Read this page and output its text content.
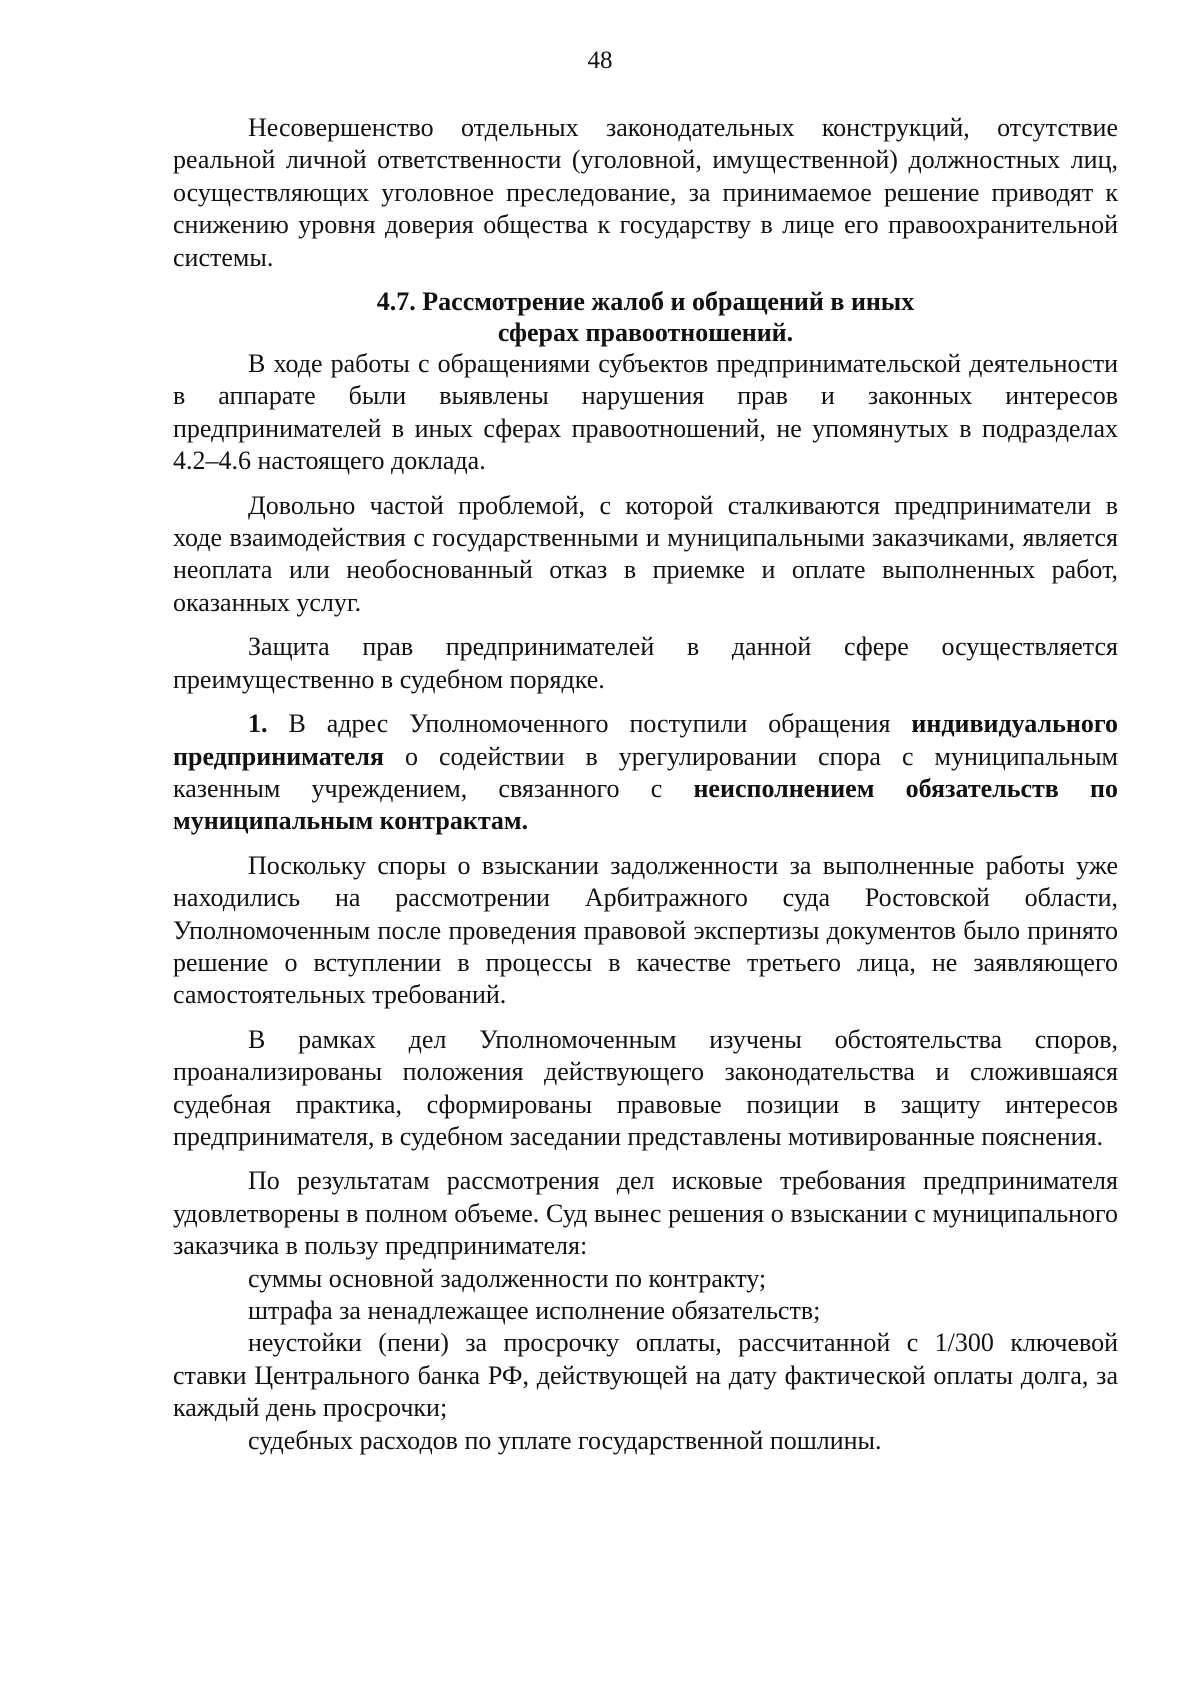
48

Несовершенство отдельных законодательных конструкций, отсутствие реальной личной ответственности (уголовной, имущественной) должностных лиц, осуществляющих уголовное преследование, за принимаемое решение приводят к снижению уровня доверия общества к государству в лице его правоохранительной системы.

4.7. Рассмотрение жалоб и обращений в иных
сферах правоотношений.

В ходе работы с обращениями субъектов предпринимательской деятельности в аппарате были выявлены нарушения прав и законных интересов предпринимателей в иных сферах правоотношений, не упомянутых в подразделах 4.2–4.6 настоящего доклада.

Довольно частой проблемой, с которой сталкиваются предприниматели в ходе взаимодействия с государственными и муниципальными заказчиками, является неоплата или необоснованный отказ в приемке и оплате выполненных работ, оказанных услуг.

Защита прав предпринимателей в данной сфере осуществляется преимущественно в судебном порядке.

1. В адрес Уполномоченного поступили обращения индивидуального предпринимателя о содействии в урегулировании спора с муниципальным казенным учреждением, связанного с неисполнением обязательств по муниципальным контрактам.

Поскольку споры о взыскании задолженности за выполненные работы уже находились на рассмотрении Арбитражного суда Ростовской области, Уполномоченным после проведения правовой экспертизы документов было принято решение о вступлении в процессы в качестве третьего лица, не заявляющего самостоятельных требований.

В рамках дел Уполномоченным изучены обстоятельства споров, проанализированы положения действующего законодательства и сложившаяся судебная практика, сформированы правовые позиции в защиту интересов предпринимателя, в судебном заседании представлены мотивированные пояснения.

По результатам рассмотрения дел исковые требования предпринимателя удовлетворены в полном объеме. Суд вынес решения о взыскании с муниципального заказчика в пользу предпринимателя:

суммы основной задолженности по контракту;

штрафа за ненадлежащее исполнение обязательств;

неустойки (пени) за просрочку оплаты, рассчитанной с 1/300 ключевой ставки Центрального банка РФ, действующей на дату фактической оплаты долга, за каждый день просрочки;

судебных расходов по уплате государственной пошлины.
